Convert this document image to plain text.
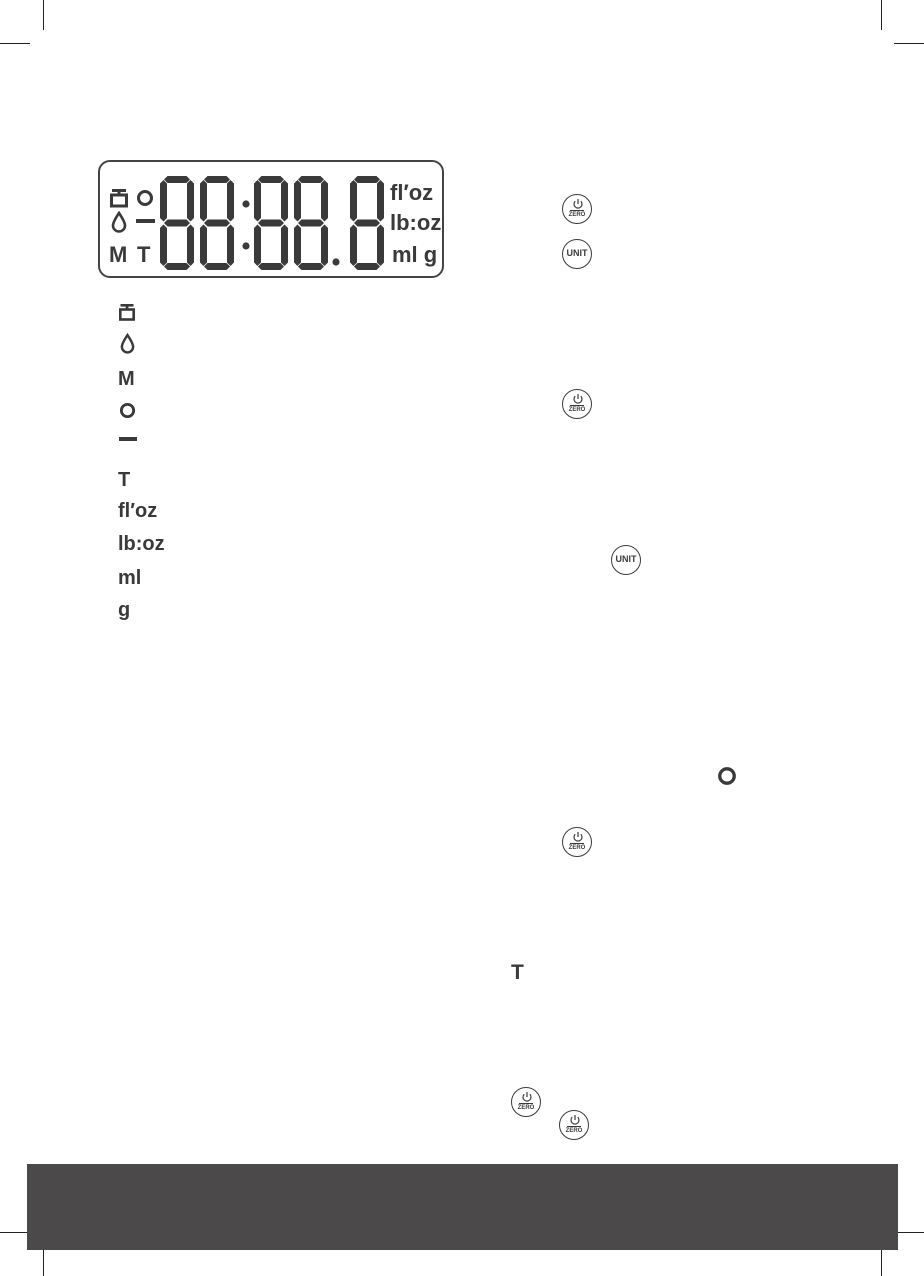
M T
fl′oz
lb:oz
ml g
M
T
fl′oz
lb:oz
ml
g
ZERO
UNIT
ZERO
UNIT
ZERO
T
ZERO
ZERO
